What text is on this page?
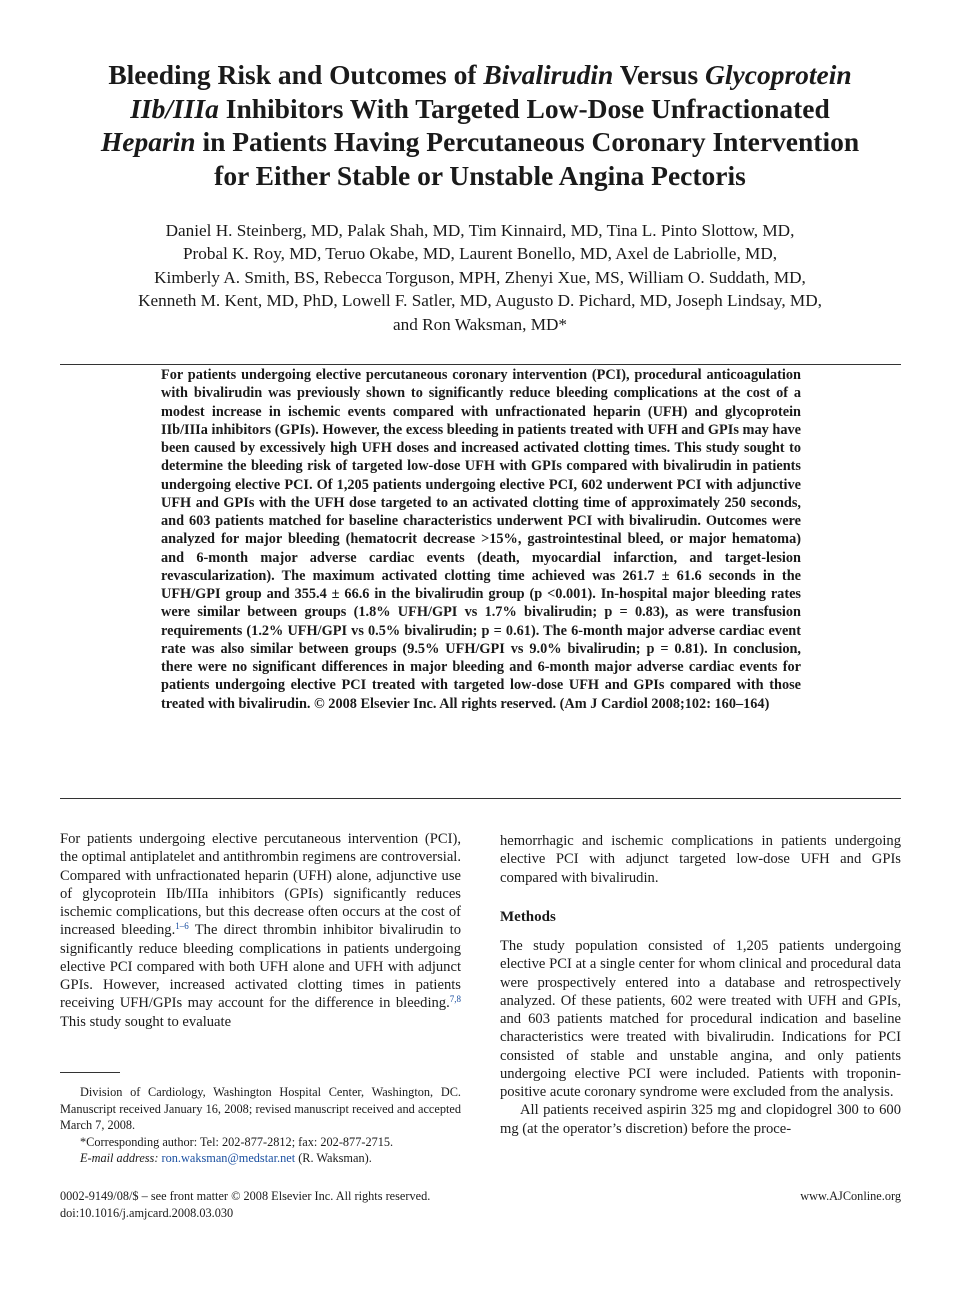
Bleeding Risk and Outcomes of Bivalirudin Versus Glycoprotein
IIb/IIIa Inhibitors With Targeted Low-Dose Unfractionated
Heparin in Patients Having Percutaneous Coronary Intervention
for Either Stable or Unstable Angina Pectoris
Daniel H. Steinberg, MD, Palak Shah, MD, Tim Kinnaird, MD, Tina L. Pinto Slottow, MD,
Probal K. Roy, MD, Teruo Okabe, MD, Laurent Bonello, MD, Axel de Labriolle, MD,
Kimberly A. Smith, BS, Rebecca Torguson, MPH, Zhenyi Xue, MS, William O. Suddath, MD,
Kenneth M. Kent, MD, PhD, Lowell F. Satler, MD, Augusto D. Pichard, MD, Joseph Lindsay, MD,
and Ron Waksman, MD*

For patients undergoing elective percutaneous coronary intervention (PCI), procedural anticoagulation with bivalirudin was previously shown to significantly reduce bleeding complications at the cost of a modest increase in ischemic events compared with unfractionated heparin (UFH) and glycoprotein IIb/IIIa inhibitors (GPIs). However, the excess bleeding in patients treated with UFH and GPIs may have been caused by excessively high UFH doses and increased activated clotting times. This study sought to determine the bleeding risk of targeted low-dose UFH with GPIs compared with bivalirudin in patients undergoing elective PCI. Of 1,205 patients undergoing elective PCI, 602 underwent PCI with adjunctive UFH and GPIs with the UFH dose targeted to an activated clotting time of approximately 250 seconds, and 603 patients matched for baseline characteristics underwent PCI with bivalirudin. Outcomes were analyzed for major bleeding (hematocrit decrease >15%, gastrointestinal bleed, or major hematoma) and 6-month major adverse cardiac events (death, myocardial infarction, and target-lesion revascularization). The maximum activated clotting time achieved was 261.7 ± 61.6 seconds in the UFH/GPI group and 355.4 ± 66.6 in the bivalirudin group (p <0.001). In-hospital major bleeding rates were similar between groups (1.8% UFH/GPI vs 1.7% bivalirudin; p = 0.83), as were transfusion requirements (1.2% UFH/GPI vs 0.5% bivalirudin; p = 0.61). The 6-month major adverse cardiac event rate was also similar between groups (9.5% UFH/GPI vs 9.0% bivalirudin; p = 0.81). In conclusion, there were no significant differences in major bleeding and 6-month major adverse cardiac events for patients undergoing elective PCI treated with targeted low-dose UFH and GPIs compared with those treated with bivalirudin. © 2008 Elsevier Inc. All rights reserved. (Am J Cardiol 2008;102: 160–164)

For patients undergoing elective percutaneous intervention (PCI), the optimal antiplatelet and antithrombin regimens are controversial. Compared with unfractionated heparin (UFH) alone, adjunctive use of glycoprotein IIb/IIIa inhibitors (GPIs) significantly reduces ischemic complications, but this decrease often occurs at the cost of increased bleeding.$^{1-6}$ The direct thrombin inhibitor bivalirudin to significantly reduce bleeding complications in patients undergoing elective PCI compared with both UFH alone and UFH with adjunct GPIs. However, increased activated clotting times in patients receiving UFH/GPIs may account for the difference in bleeding.$^{7,8}$ This study sought to evaluate

Division of Cardiology, Washington Hospital Center, Washington, DC. Manuscript received January 16, 2008; revised manuscript received and accepted March 7, 2008.

*Corresponding author: Tel: 202-877-2812; fax: 202-877-2715.

E-mail address: ron.waksman@medstar.net (R. Waksman).

hemorrhagic and ischemic complications in patients undergoing elective PCI with adjunct targeted low-dose UFH and GPIs compared with bivalirudin.

Methods

The study population consisted of 1,205 patients undergoing elective PCI at a single center for whom clinical and procedural data were prospectively entered into a database and retrospectively analyzed. Of these patients, 602 were treated with UFH and GPIs, and 603 patients matched for procedural indication and baseline characteristics were treated with bivalirudin. Indications for PCI consisted of stable and unstable angina, and only patients undergoing elective PCI were included. Patients with troponin-positive acute coronary syndrome were excluded from the analysis.

All patients received aspirin 325 mg and clopidogrel 300 to 600 mg (at the operator’s discretion) before the proce-

0002-9149/08/$ – see front matter © 2008 Elsevier Inc. All rights reserved.
doi:10.1016/j.amjcard.2008.03.030
www.AJConline.org
